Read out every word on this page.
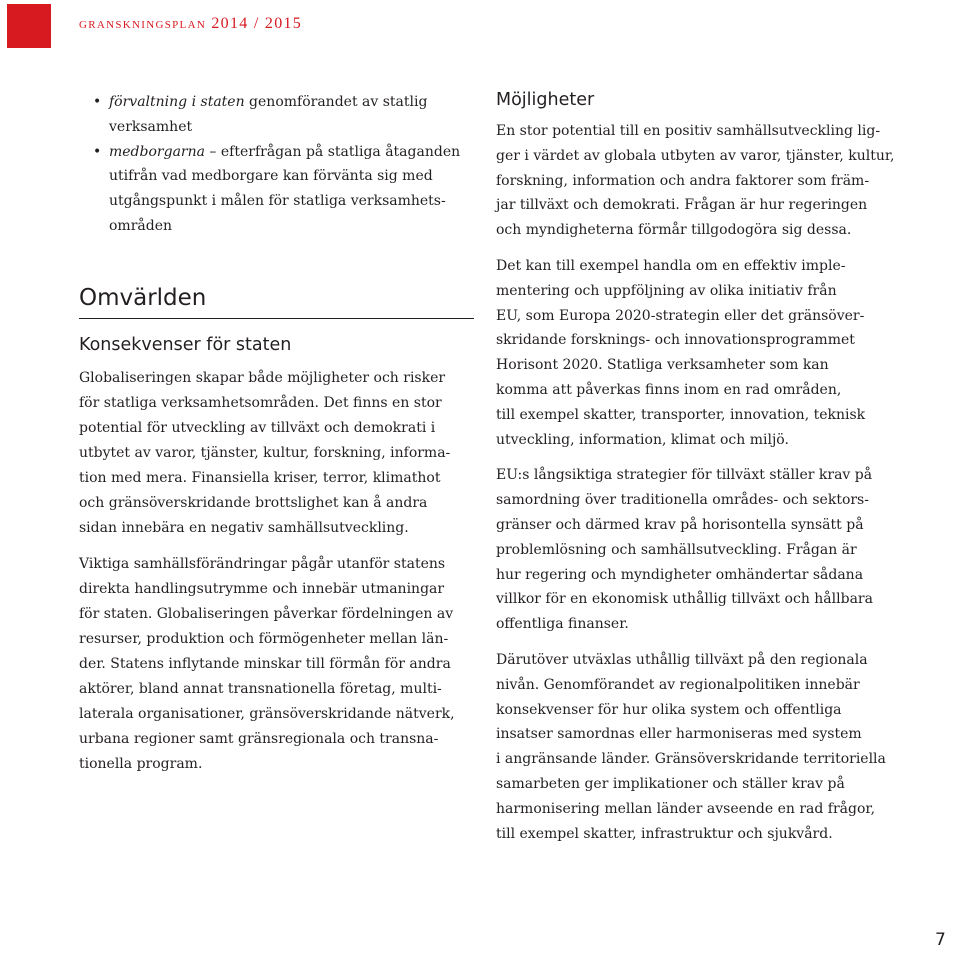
granskningsplan 2014 / 2015
• förvaltning i staten genomförandet av statlig
verksamhet
• medborgarna – efterfrågan på statliga åtaganden
utifrån vad medborgare kan förvänta sig med
utgångspunkt i målen för statliga verksamhets-
områden
Omvärlden
Konsekvenser för staten

Globaliseringen skapar både möjligheter och risker
för statliga verksamhetsområden. Det finns en stor
potential för utveckling av tillväxt och demokrati i
utbytet av varor, tjänster, kultur, forskning, informa-
tion med mera. Finansiella kriser, terror, klimathot
och gränsöverskridande brottslighet kan å andra
sidan innebära en negativ samhällsutveckling.

Viktiga samhällsförändringar pågår utanför statens
direkta handlingsutrymme och innebär utmaningar
för staten. Globaliseringen påverkar fördelningen av
resurser, produktion och förmögenheter mellan län-
der. Statens inflytande minskar till förmån för andra
aktörer, bland annat transnationella företag, multi-
laterala organisationer, gränsöverskridande nätverk,
urbana regioner samt gränsregionala och transna-
tionella program.

Möjligheter

En stor potential till en positiv samhällsutveckling lig-
ger i värdet av globala utbyten av varor, tjänster, kultur,
forskning, information och andra faktorer som främ-
jar tillväxt och demokrati. Frågan är hur regeringen
och myndigheterna förmår tillgodogöra sig dessa.

Det kan till exempel handla om en effektiv imple-
mentering och uppföljning av olika initiativ från
EU, som Europa 2020-strategin eller det gränsöver-
skridande forsknings- och innovationsprogrammet
Horisont 2020. Statliga verksamheter som kan
komma att påverkas finns inom en rad områden,
till exempel skatter, transporter, innovation, teknisk
utveckling, information, klimat och miljö.

EU:s långsiktiga strategier för tillväxt ställer krav på
samordning över traditionella områdes- och sektors-
gränser och därmed krav på horisontella synsätt på
problemlösning och samhällsutveckling. Frågan är
hur regering och myndigheter omhändertar sådana
villkor för en ekonomisk uthållig tillväxt och hållbara
offentliga finanser.

Därutöver utväxlas uthållig tillväxt på den regionala
nivån. Genomförandet av regionalpolitiken innebär
konsekvenser för hur olika system och offentliga
insatser samordnas eller harmoniseras med system
i angränsande länder. Gränsöverskridande territoriella
samarbeten ger implikationer och ställer krav på
harmonisering mellan länder avseende en rad frågor,
till exempel skatter, infrastruktur och sjukvård.

7
